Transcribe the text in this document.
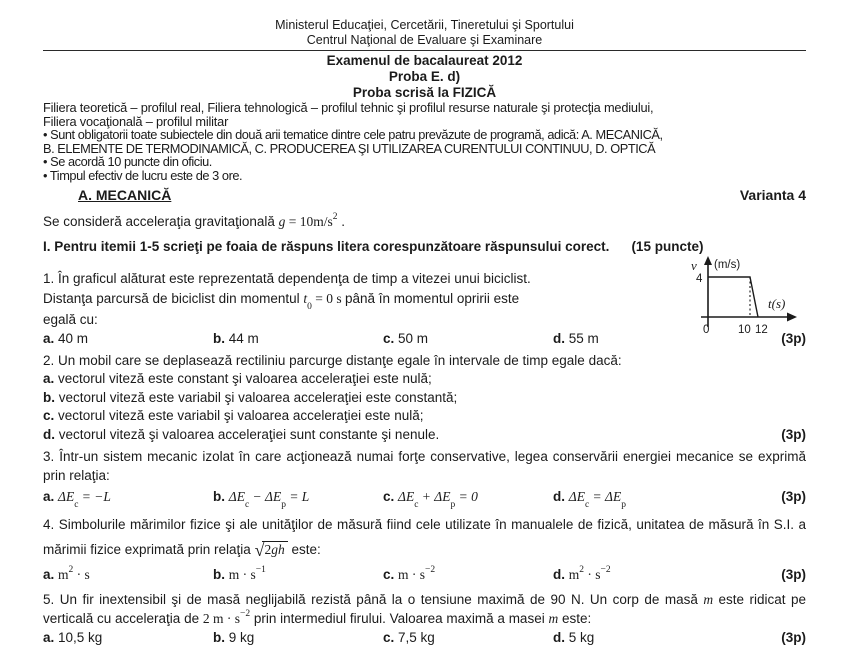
Ministerul Educaţiei, Cercetării, Tineretului şi Sportului
Centrul Naţional de Evaluare şi Examinare
Examenul de bacalaureat 2012
Proba E. d)
Proba scrisă la FIZICĂ
Filiera teoretică – profilul real, Filiera tehnologică – profilul tehnic şi profilul resurse naturale şi protecţia mediului,
Filiera vocaţională – profilul militar
• Sunt obligatorii toate subiectele din două arii tematice dintre cele patru prevăzute de programă, adică: A. MECANICĂ,
B. ELEMENTE DE TERMODINAMICĂ, C. PRODUCEREA ŞI UTILIZAREA CURENTULUI CONTINUU, D. OPTICĂ
• Se acordă 10 puncte din oficiu.
• Timpul efectiv de lucru este de 3 ore.
A. MECANICĂ	Varianta 4
Se consideră acceleraţia gravitaţională $g = 10m/s^2$ .
I. Pentru itemii 1-5 scrieţi pe foaia de răspuns litera corespunzătoare răspunsului corect. (15 puncte)
v (m/s)
4
t(s)
0 10 12
1. În graficul alăturat este reprezentată dependenţa de timp a vitezei unui biciclist.
Distanţa parcursă de biciclist din momentul $t_0 = 0$ s până în momentul opririi este
egală cu:
a. 40 m	b. 44 m	c. 50 m	d. 55 m	(3p)
2. Un mobil care se deplasează rectiliniu parcurge distanţe egale în intervale de timp egale dacă:
a. vectorul viteză este constant şi valoarea acceleraţiei este nulă;
b. vectorul viteză este variabil şi valoarea acceleraţiei este constantă;
c. vectorul viteză este variabil şi valoarea acceleraţiei este nulă;
d. vectorul viteză şi valoarea acceleraţiei sunt constante şi nenule.	(3p)
3. Într-un sistem mecanic izolat în care acţionează numai forţe conservative, legea conservării energiei mecanice se exprimă prin relaţia:
a. $\Delta E_c = -L$	b. $\Delta E_c - \Delta E_p = L$	c. $\Delta E_c + \Delta E_p = 0$	d. $\Delta E_c = \Delta E_p$
(3p)
4. Simbolurile mărimilor fizice şi ale unităţilor de măsură fiind cele utilizate în manualele de fizică, unitatea de măsură în S.I. a mărimii fizice exprimată prin relaţia √2gh este:
a. $m^2 \cdot s$	b. $m \cdot s^{-1}$	c. $m \cdot s^{-2}$	d. $m^2 \cdot s^{-2}$	(3p)
5. Un fir inextensibil şi de masă neglijabilă rezistă până la o tensiune maximă de 90 N. Un corp de masă m este ridicat pe verticală cu acceleraţia de 2 $m \cdot s^{-2}$ prin intermediul firului. Valoarea maximă a masei m este:
a. 10,5 kg	b. 9 kg	c. 7,5 kg	d. 5 kg	(3p)
